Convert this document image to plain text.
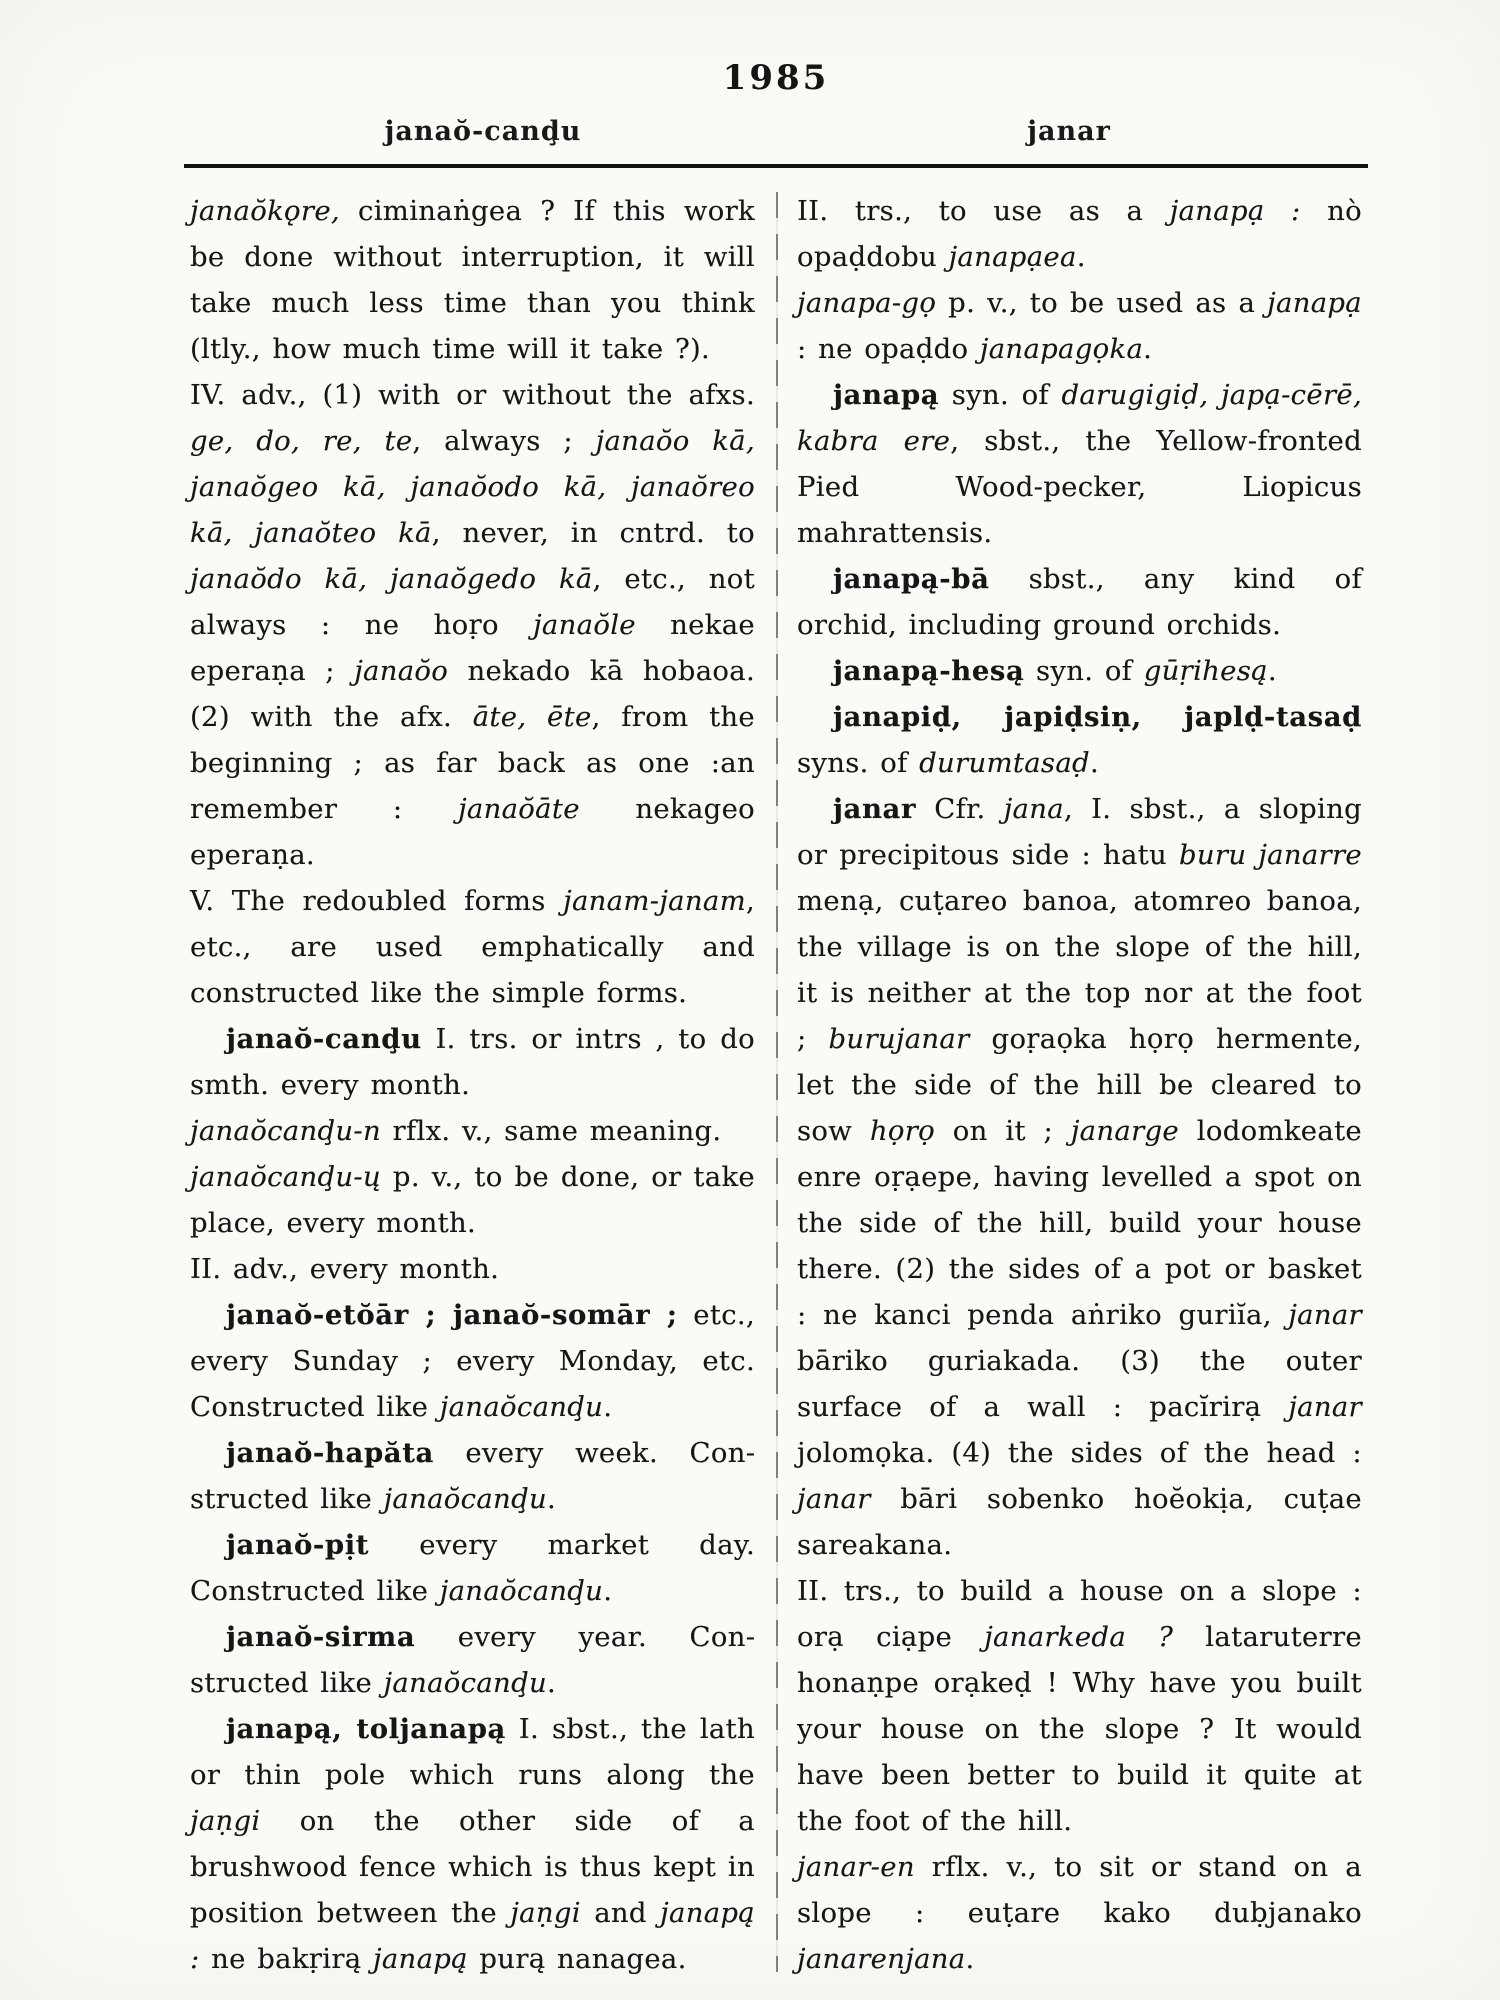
1985
janaŏ-canḑu	janar

janaŏkǫre, ciminaṅgea ? If this work be done without interruption, it will take much less time than you think (ltly., how much time will it take ?).

IV. adv., (1) with or without the afxs. ge, do, re, te, always ; janaŏo kā, janaŏgeo kā, janaŏodo kā, janaŏreo kā, janaŏteo kā, never, in cntrd. to janaŏdo kā, janaŏgedo kā, etc., not always : ne hoṛo janaŏle nekae eperaṇa ; janaŏo nekado kā hobaoa. (2) with the afx. āte, ēte, from the beginning ; as far back as one :an remember : janaŏāte nekageo eperaṇa.

V. The redoubled forms janam-janam, etc., are used emphatically and constructed like the simple forms.

janaŏ-canḑu I. trs. or intrs , to do smth. every month.

janaŏcanḑu-n rflx. v., same meaning.

janaŏcanḑu-ų p. v., to be done, or take place, every month.

II. adv., every month.

janaŏ-etŏār ; janaŏ-somār ; etc., every Sunday ; every Monday, etc. Constructed like janaŏcanḑu.

janaŏ-hapăta every week. Constructed like janaŏcanḑu.

janaŏ-pịt every market day. Constructed like janaŏcanḑu.

janaŏ-sirma every year. Constructed like janaŏcanḑu.

janapą, toljanapą I. sbst., the lath or thin pole which runs along the jaṇgi on the other side of a brushwood fence which is thus kept in position between the jaṇgi and janapą : ne bakṛirą janapą purą nanagea.

II. trs., to use as a janapạ : nò opaḍdobu janapạea.

janapa-gọ p. v., to be used as a janapạ : ne opaḍdo janapagọka.

janapą syn. of darugigiḍ, japạ-cērē, kabra ere, sbst., the Yellow-fronted Pied Wood-pecker, Liopicus mahrattensis.

janapą-bā sbst., any kind of orchid, including ground orchids.

janapą-hesą syn. of gūṛihesą.

janapiḍ, japiḍsiṇ, japlḍ-tasaḍ syns. of durumtasaḍ.

janar Cfr. jana, I. sbst., a sloping or precipitous side : hatu buru janarre menạ, cuṭareo banoa, atomreo banoa, the village is on the slope of the hill, it is neither at the top nor at the foot ; burujanar goṛaọka họrọ hermente, let the side of the hill be cleared to sow họrọ on it ; janarge lodomkeate enre oṛạepe, having levelled a spot on the side of the hill, build your house there. (2) the sides of a pot or basket : ne kanci penda aṅriko guriĭa, janar bāriko guriakada. (3) the outer surface of a wall : pacĭrirạ janar jolomọka. (4) the sides of the head : janar bāri sobenko hoĕokịa, cuṭae sareakana.

II. trs., to build a house on a slope : orạ ciạpe janarkeda ? lataruterre honaṇpe orạkeḍ ! Why have you built your house on the slope ? It would have been better to build it quite at the foot of the hill.

janar-en rflx. v., to sit or stand on a slope : euṭare kako duḅjanako janarenjana.
